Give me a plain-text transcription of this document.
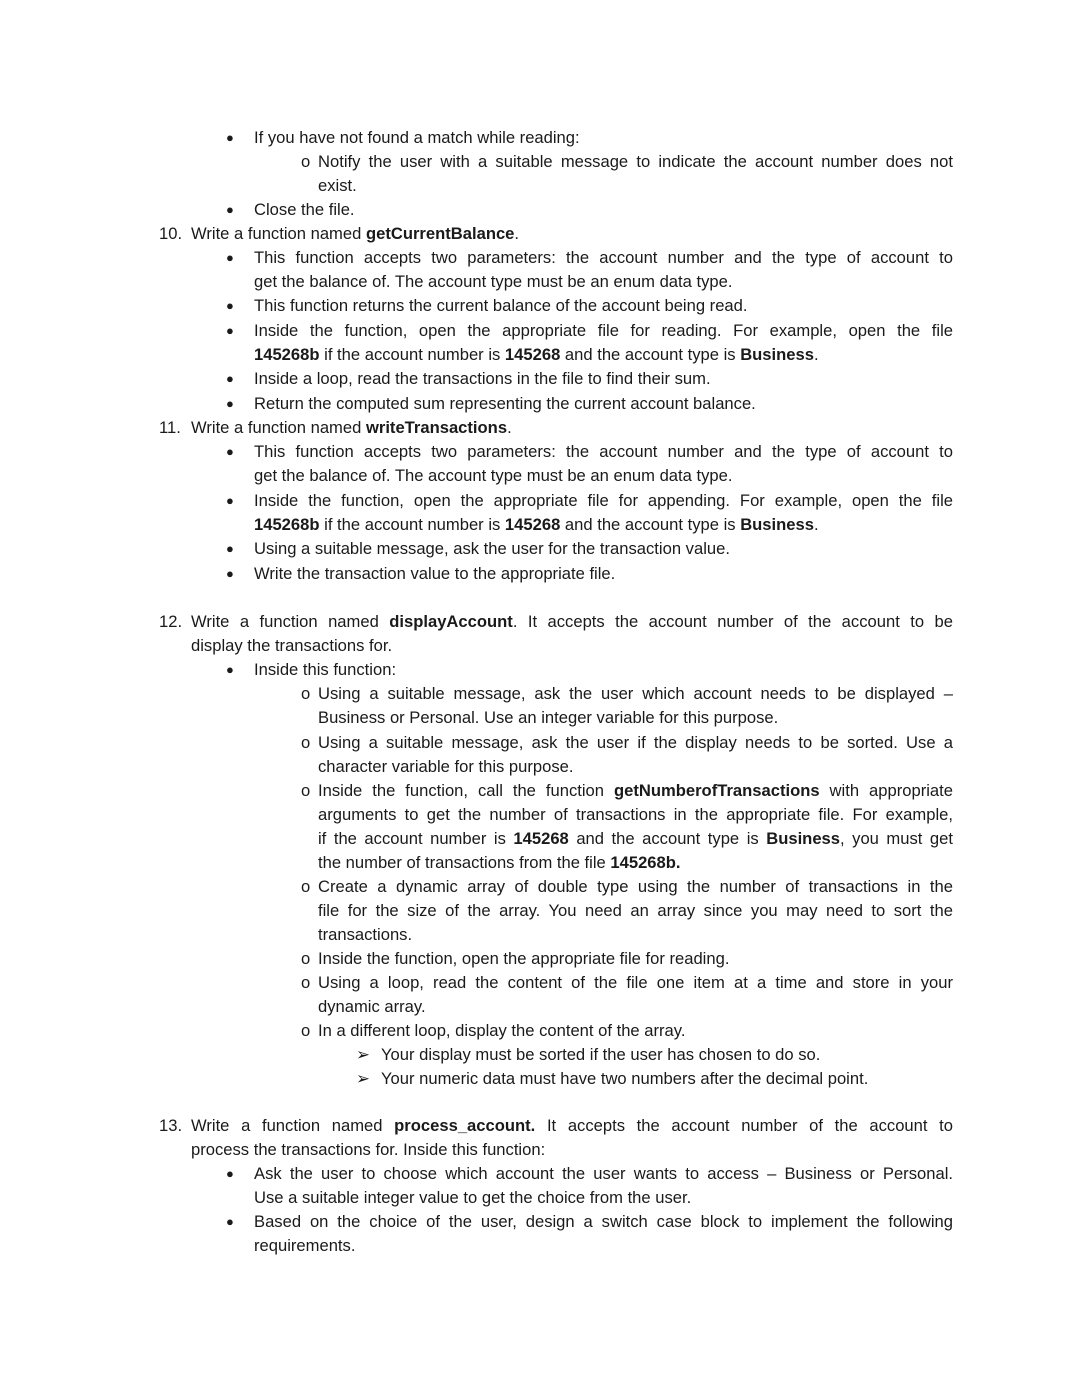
● If you have not found a match while reading:
o Notify the user with a suitable message to indicate the account number does not
exist.
● Close the file.
10. Write a function named getCurrentBalance.
● This function accepts two parameters: the account number and the type of account to
get the balance of. The account type must be an enum data type.
● This function returns the current balance of the account being read.
● Inside the function, open the appropriate file for reading. For example, open the file
145268b if the account number is 145268 and the account type is Business.
● Inside a loop, read the transactions in the file to find their sum.
● Return the computed sum representing the current account balance.
11. Write a function named writeTransactions.
● This function accepts two parameters: the account number and the type of account to
get the balance of. The account type must be an enum data type.
● Inside the function, open the appropriate file for appending. For example, open the file
145268b if the account number is 145268 and the account type is Business.
● Using a suitable message, ask the user for the transaction value.
● Write the transaction value to the appropriate file.
12. Write a function named displayAccount. It accepts the account number of the account to be
display the transactions for.
● Inside this function:
o Using a suitable message, ask the user which account needs to be displayed –
Business or Personal. Use an integer variable for this purpose.
o Using a suitable message, ask the user if the display needs to be sorted. Use a
character variable for this purpose.
o Inside the function, call the function getNumberofTransactions with appropriate
arguments to get the number of transactions in the appropriate file. For example,
if the account number is 145268 and the account type is Business, you must get
the number of transactions from the file 145268b.
o Create a dynamic array of double type using the number of transactions in the
file for the size of the array. You need an array since you may need to sort the
transactions.
o Inside the function, open the appropriate file for reading.
o Using a loop, read the content of the file one item at a time and store in your
dynamic array.
o In a different loop, display the content of the array.
➢ Your display must be sorted if the user has chosen to do so.
➢ Your numeric data must have two numbers after the decimal point.
13. Write a function named process_account. It accepts the account number of the account to
process the transactions for. Inside this function:
● Ask the user to choose which account the user wants to access – Business or Personal.
Use a suitable integer value to get the choice from the user.
● Based on the choice of the user, design a switch case block to implement the following
requirements.
